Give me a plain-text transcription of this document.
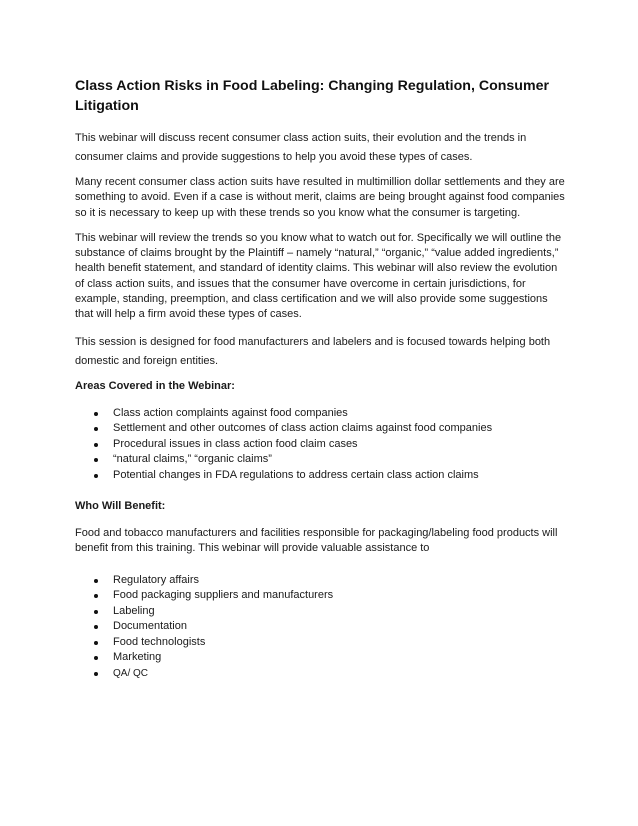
Class Action Risks in Food Labeling: Changing Regulation, Consumer Litigation

This webinar will discuss recent consumer class action suits, their evolution and the trends in consumer claims and provide suggestions to help you avoid these types of cases.

Many recent consumer class action suits have resulted in multimillion dollar settlements and they are something to avoid. Even if a case is without merit, claims are being brought against food companies so it is necessary to keep up with these trends so you know what the consumer is targeting.

This webinar will review the trends so you know what to watch out for. Specifically we will outline the substance of claims brought by the Plaintiff – namely “natural,” “organic,” “value added ingredients,” health benefit statement, and standard of identity claims. This webinar will also review the evolution of class action suits, and issues that the consumer have overcome in certain jurisdictions, for example, standing, preemption, and class certification and we will also provide some suggestions that will help a firm avoid these types of cases.

This session is designed for food manufacturers and labelers and is focused towards helping both domestic and foreign entities.

Areas Covered in the Webinar:
Class action complaints against food companies
Settlement and other outcomes of class action claims against food companies
Procedural issues in class action food claim cases
“natural claims,” “organic claims”
Potential changes in FDA regulations to address certain class action claims
Who Will Benefit:

Food and tobacco manufacturers and facilities responsible for packaging/labeling food products will benefit from this training. This webinar will provide valuable assistance to

Regulatory affairs
Food packaging suppliers and manufacturers
Labeling
Documentation
Food technologists
Marketing
QA/ QC
